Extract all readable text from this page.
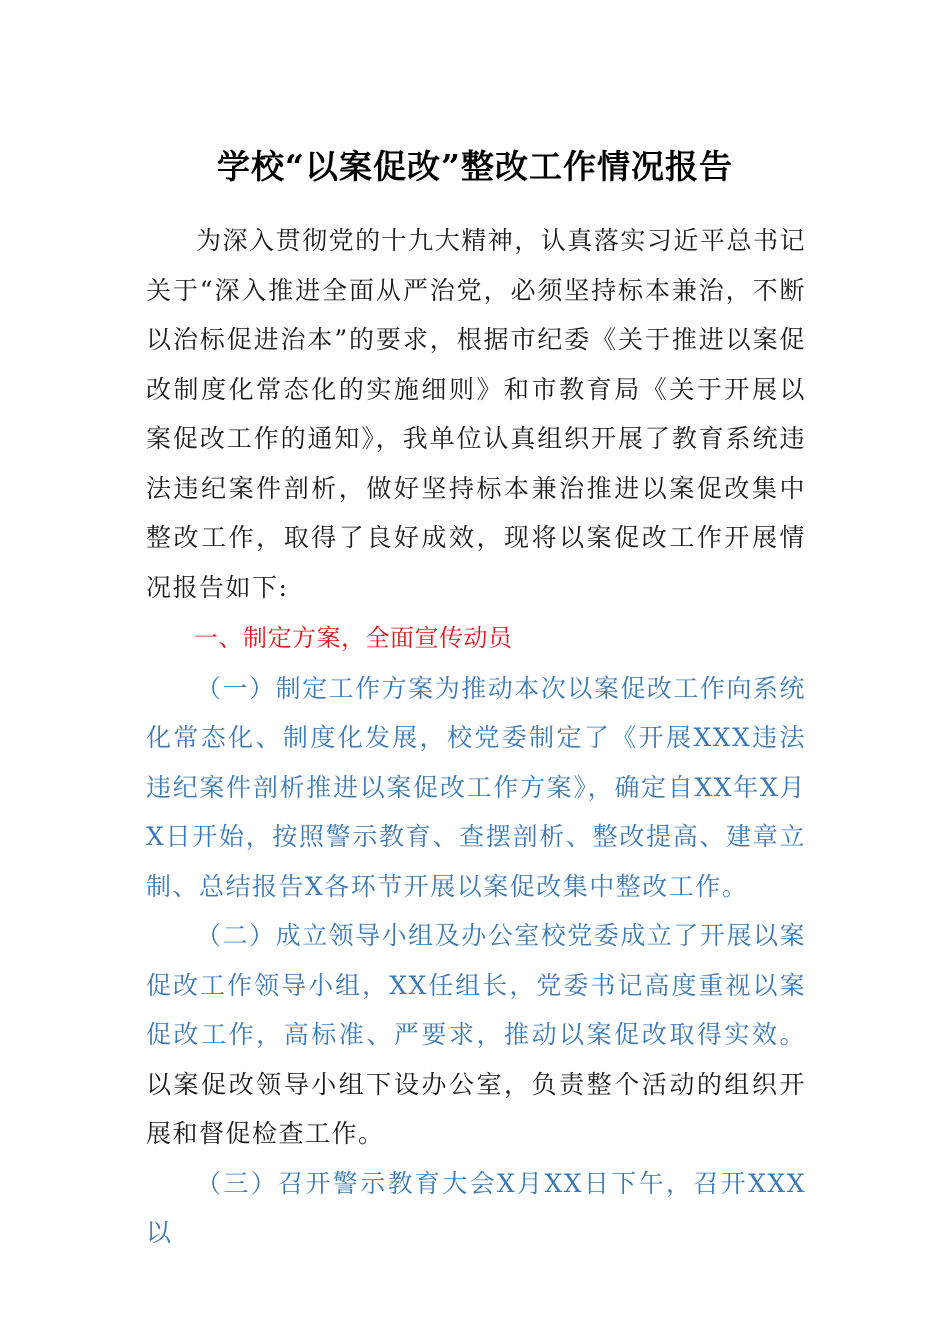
学校“以案促改”整改工作情况报告

为深入贯彻党的十九大精神，认真落实习近平总书记关于“深入推进全面从严治党，必须坚持标本兼治，不断以治标促进治本”的要求，根据市纪委《关于推进以案促改制度化常态化的实施细则》和市教育局《关于开展以案促改工作的通知》，我单位认真组织开展了教育系统违法违纪案件剖析，做好坚持标本兼治推进以案促改集中整改工作，取得了良好成效，现将以案促改工作开展情况报告如下:

一、制定方案，全面宣传动员

（一）制定工作方案为推动本次以案促改工作向系统化常态化、制度化发展，校党委制定了《开展XXX违法违纪案件剖析推进以案促改工作方案》，确定自XX年X月X日开始，按照警示教育、查摆剖析、整改提高、建章立制、总结报告X各环节开展以案促改集中整改工作。

（二）成立领导小组及办公室校党委成立了开展以案促改工作领导小组，XX任组长，党委书记高度重视以案促改工作，高标准、严要求，推动以案促改取得实效。以案促改领导小组下设办公室，负责整个活动的组织开展和督促检查工作。

（三）召开警示教育大会X月XX日下午，召开XXX以
